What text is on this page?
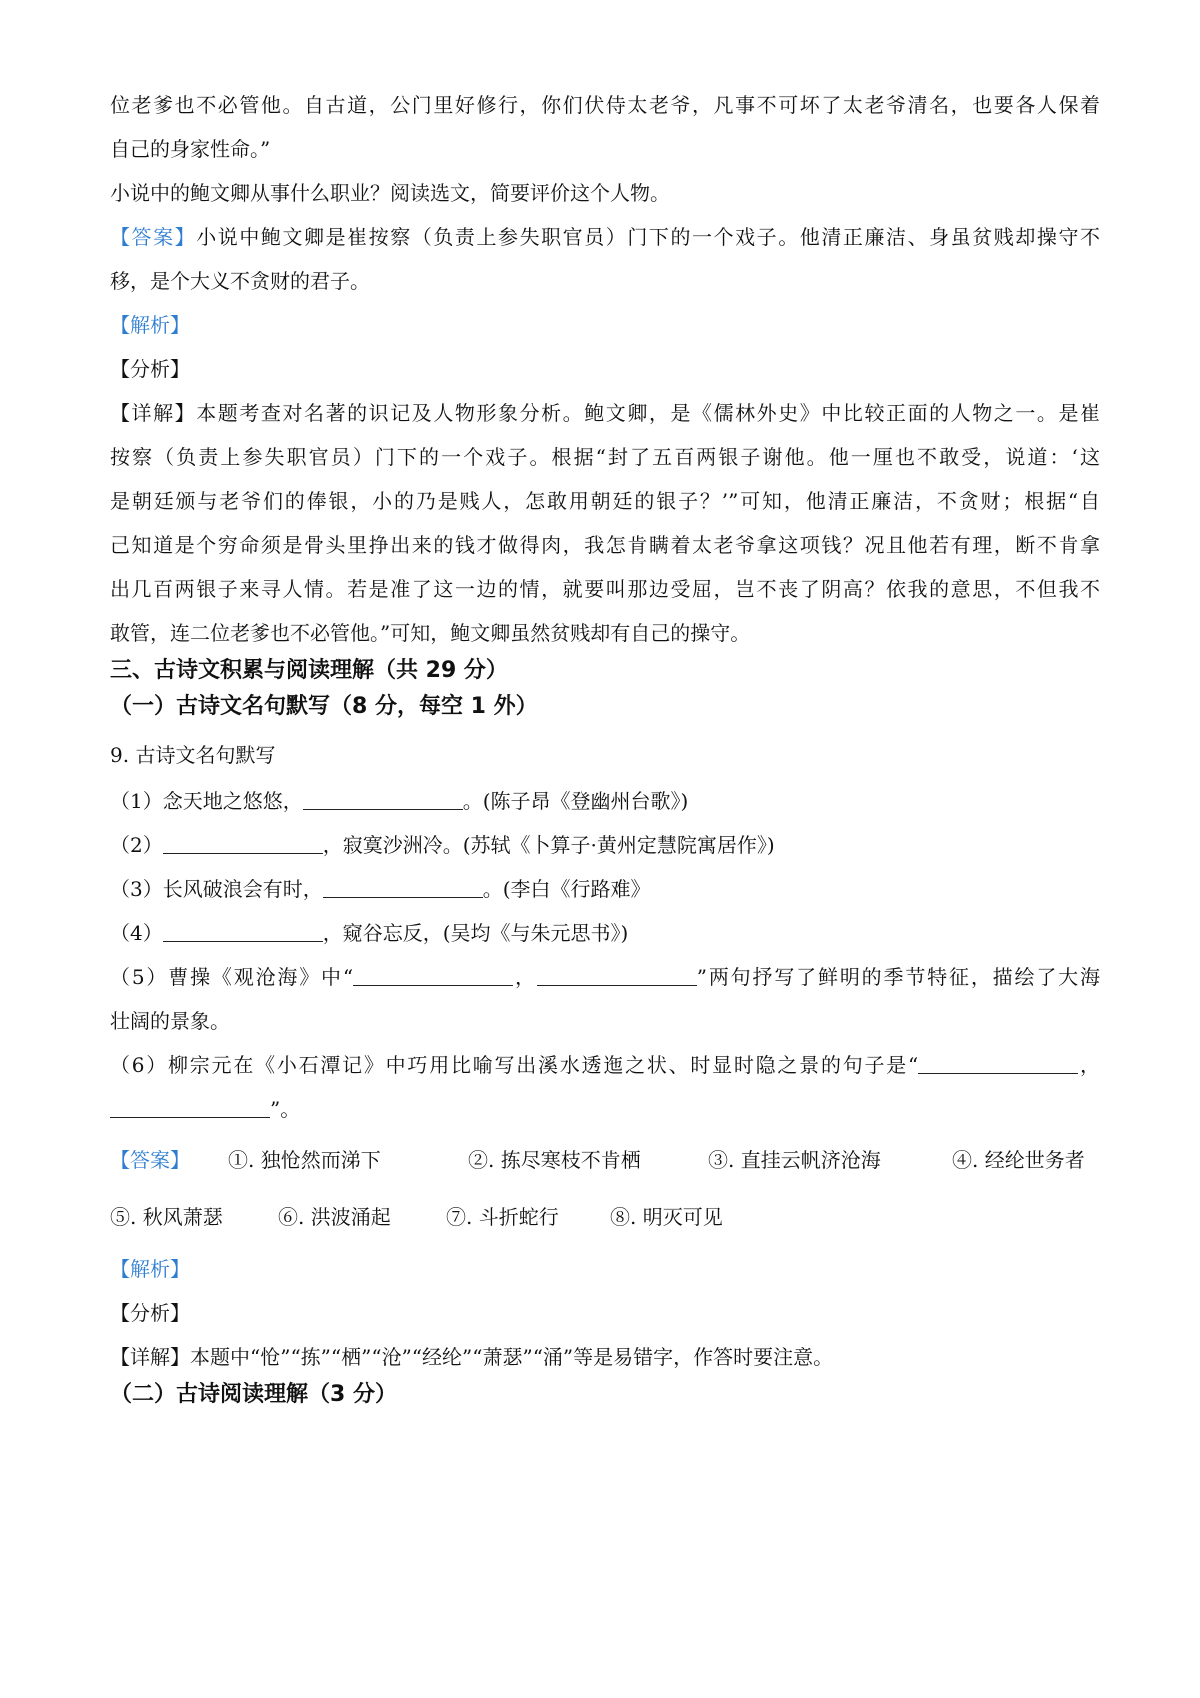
位老爹也不必管他。自古道，公门里好修行，你们伏侍太老爷，凡事不可坏了太老爷清名，也要各人保着
自己的身家性命。”
小说中的鲍文卿从事什么职业？阅读选文，简要评价这个人物。
【答案】小说中鲍文卿是崔按察（负责上参失职官员）门下的一个戏子。他清正廉洁、身虽贫贱却操守不
移，是个大义不贪财的君子。
【解析】
【分析】
【详解】本题考查对名著的识记及人物形象分析。鲍文卿，是《儒林外史》中比较正面的人物之一。是崔
按察（负责上参失职官员）门下的一个戏子。根据“封了五百两银子谢他。他一厘也不敢受，说道：‘这
是朝廷颁与老爷们的俸银，小的乃是贱人，怎敢用朝廷的银子？’”可知，他清正廉洁，不贪财；根据“自
己知道是个穷命须是骨头里挣出来的钱才做得肉，我怎肯瞒着太老爷拿这项钱？况且他若有理，断不肯拿
出几百两银子来寻人情。若是准了这一边的情，就要叫那边受屈，岂不丧了阴高？依我的意思，不但我不
敢管，连二位老爹也不必管他。”可知，鲍文卿虽然贫贱却有自己的操守。
三、古诗文积累与阅读理解（共 29 分）
（一）古诗文名句默写（8 分，每空 1 外）
9. 古诗文名句默写
（1）念天地之悠悠，	。(陈子昂《登幽州台歌》)
（2）	，寂寞沙洲冷。(苏轼《卜算子·黄州定慧院寓居作》)
（3）长风破浪会有时，	。(李白《行路难》
（4）	，窥谷忘反，(吴均《与朱元思书》)
（5）曹操《观沧海》中“	，	”两句抒写了鲜明的季节特征，描绘了大海
壮阔的景象。
（6）柳宗元在《小石潭记》中巧用比喻写出溪水透迤之状、时显时隐之景的句子是“	，
”。
【答案】 ①. 独怆然而涕下	②. 拣尽寒枝不肯栖	③. 直挂云帆济沧海	④. 经纶世务者
⑤. 秋风萧瑟	⑥. 洪波涌起	⑦. 斗折蛇行	⑧. 明灭可见
【解析】
【分析】
【详解】本题中“怆”“拣”“栖”“沧”“经纶”“萧瑟”“涌”等是易错字，作答时要注意。
（二）古诗阅读理解（3 分）
